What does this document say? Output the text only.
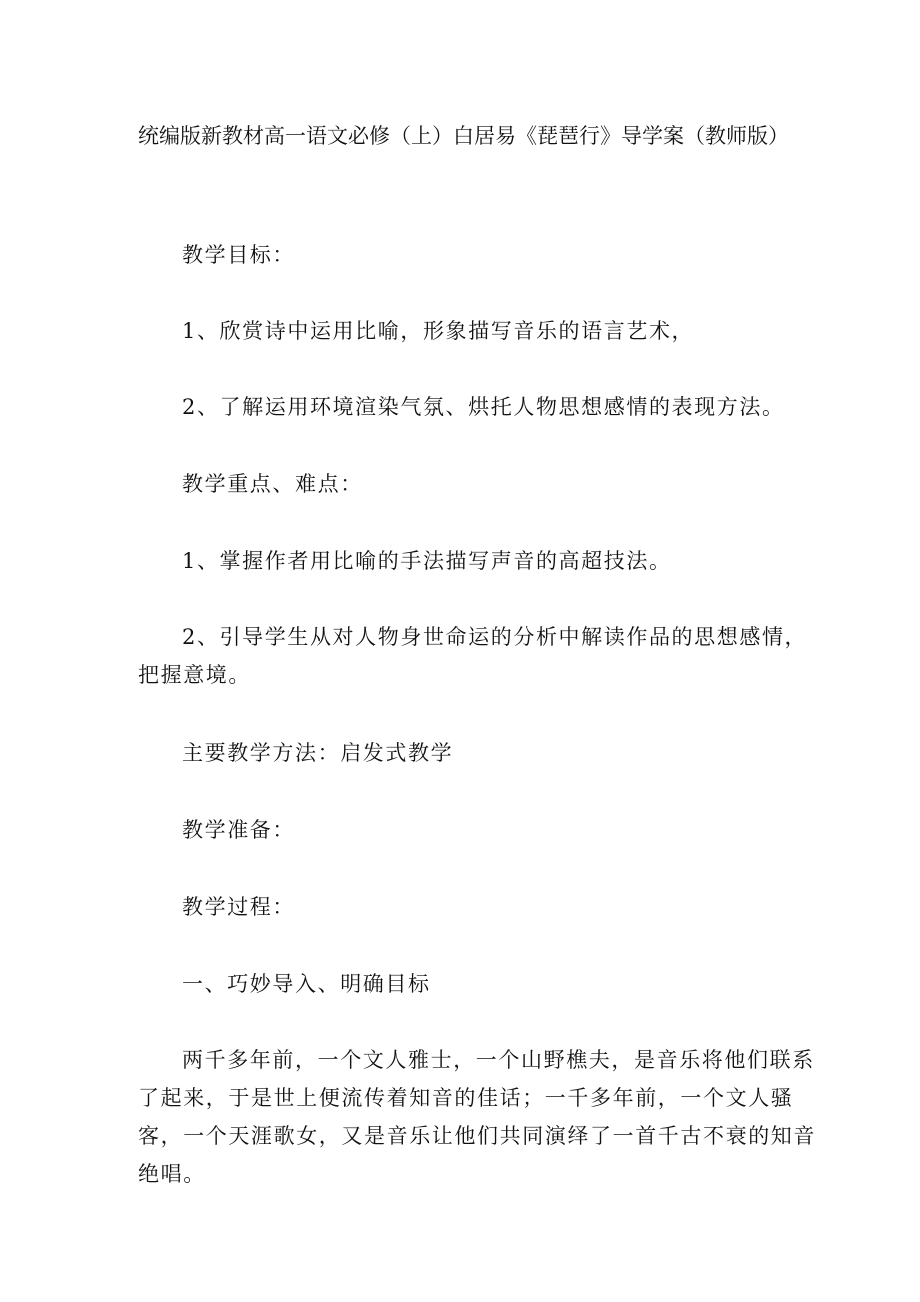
统编版新教材高一语文必修（上）白居易《琵琶行》导学案（教师版）
教学目标：
1、欣赏诗中运用比喻，形象描写音乐的语言艺术，
2、了解运用环境渲染气氛、烘托人物思想感情的表现方法。
教学重点、难点：
1、掌握作者用比喻的手法描写声音的高超技法。
2、引导学生从对人物身世命运的分析中解读作品的思想感情，把握意境。
主要教学方法：启发式教学
教学准备：
教学过程：
一、巧妙导入、明确目标
两千多年前，一个文人雅士，一个山野樵夫，是音乐将他们联系了起来，于是世上便流传着知音的佳话；一千多年前，一个文人骚客，一个天涯歌女，又是音乐让他们共同演绎了一首千古不衰的知音绝唱。
